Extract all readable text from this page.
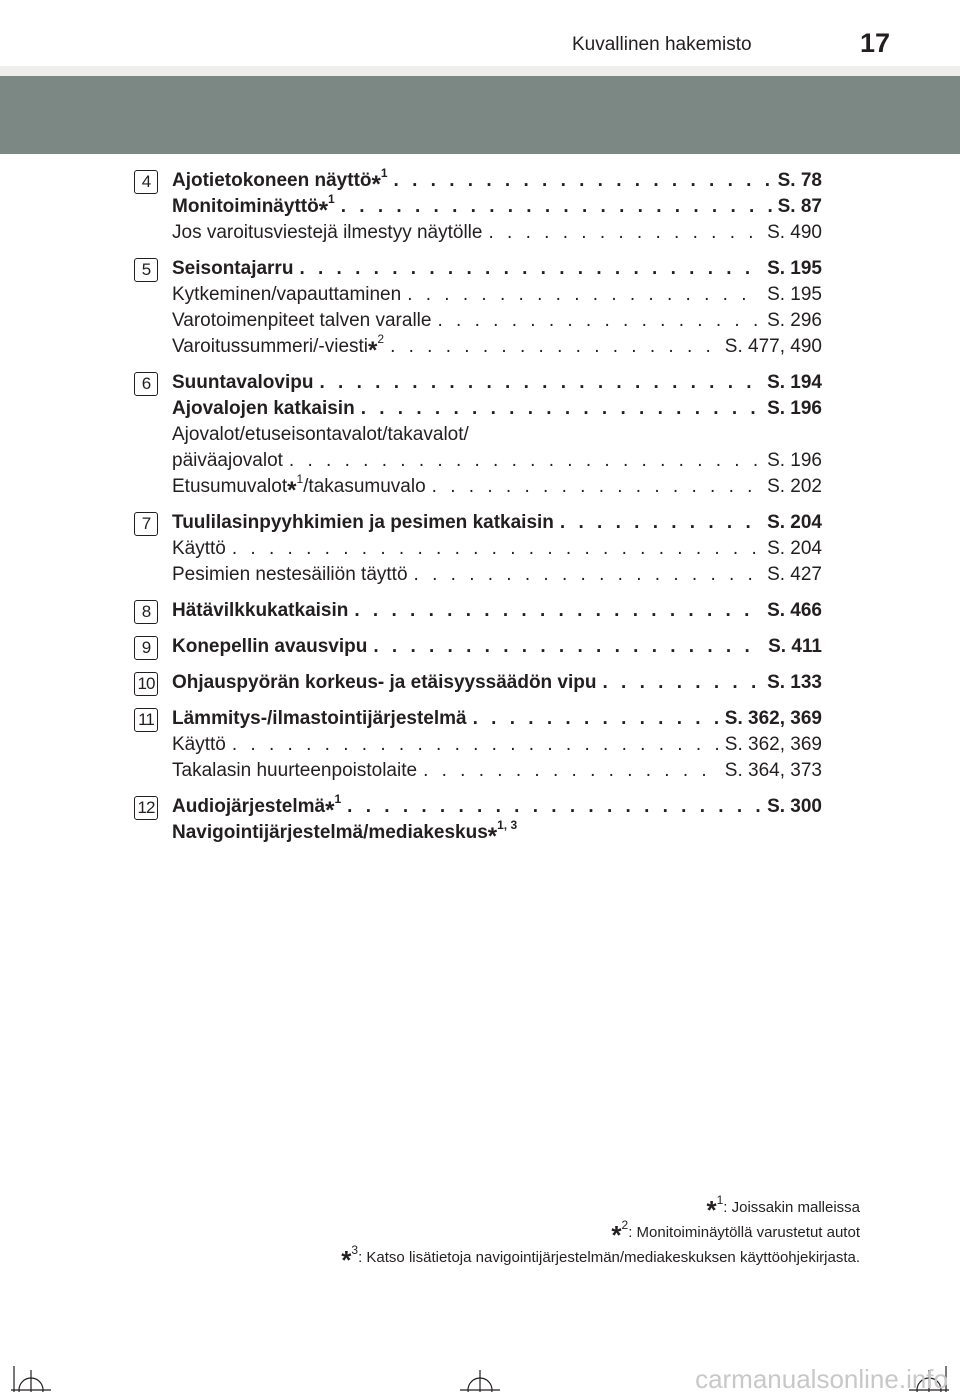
Kuvallinen hakemisto	17
4	Ajotietokoneen näyttö*$^1$ . . .	S. 78
Monitoiminäyttö*$^1$ . . .	S. 87
Jos varoitusviestejä ilmestyy näytölle . . .	S. 490
5	Seisontajarru . . .	S. 195
Kytkeminen/vapauttaminen . . .	S. 195
Varotoimenpiteet talven varalle . . .	S. 296
Varoitussummeri/-viesti*$^2$ . . .	S. 477, 490
6	Suuntavalovipu . . .	S. 194
Ajovalojen katkaisin . . .	S. 196
Ajovalot/etuseisontavalot/takavalot/
päiväajovalot . . .	S. 196
Etusumuvalot*$^1$/takasumuvalo . . .	S. 202
7	Tuulilasinpyyhkimien ja pesimen katkaisin . . .	S. 204
Käyttö . . .	S. 204
Pesimien nestesäiliön täyttö . . .	S. 427
8	Hätävilkkukatkaisin . . .	S. 466
9	Konepellin avausvipu . . .	S. 411
10 Ohjauspyörän korkeus- ja etäisyyssäädön vipu . . .	S. 133
11 Lämmitys-/ilmastointijärjestelmä . . .	S. 362, 369
Käyttö . . .	S. 362, 369
Takalasin huurteenpoistolaite . . .	S. 364, 373
12 Audiojärjestelmä*$^1$ . . .	S. 300
Navigointijärjestelmä/mediakeskus*$^{1, 3}$
*$^1$: Joissakin malleissa
*$^2$: Monitoiminäytöllä varustetut autot
*$^3$: Katso lisätietoja navigointijärjestelmän/mediakeskuksen käyttöohjekirjasta.
carmanualsonline.info
